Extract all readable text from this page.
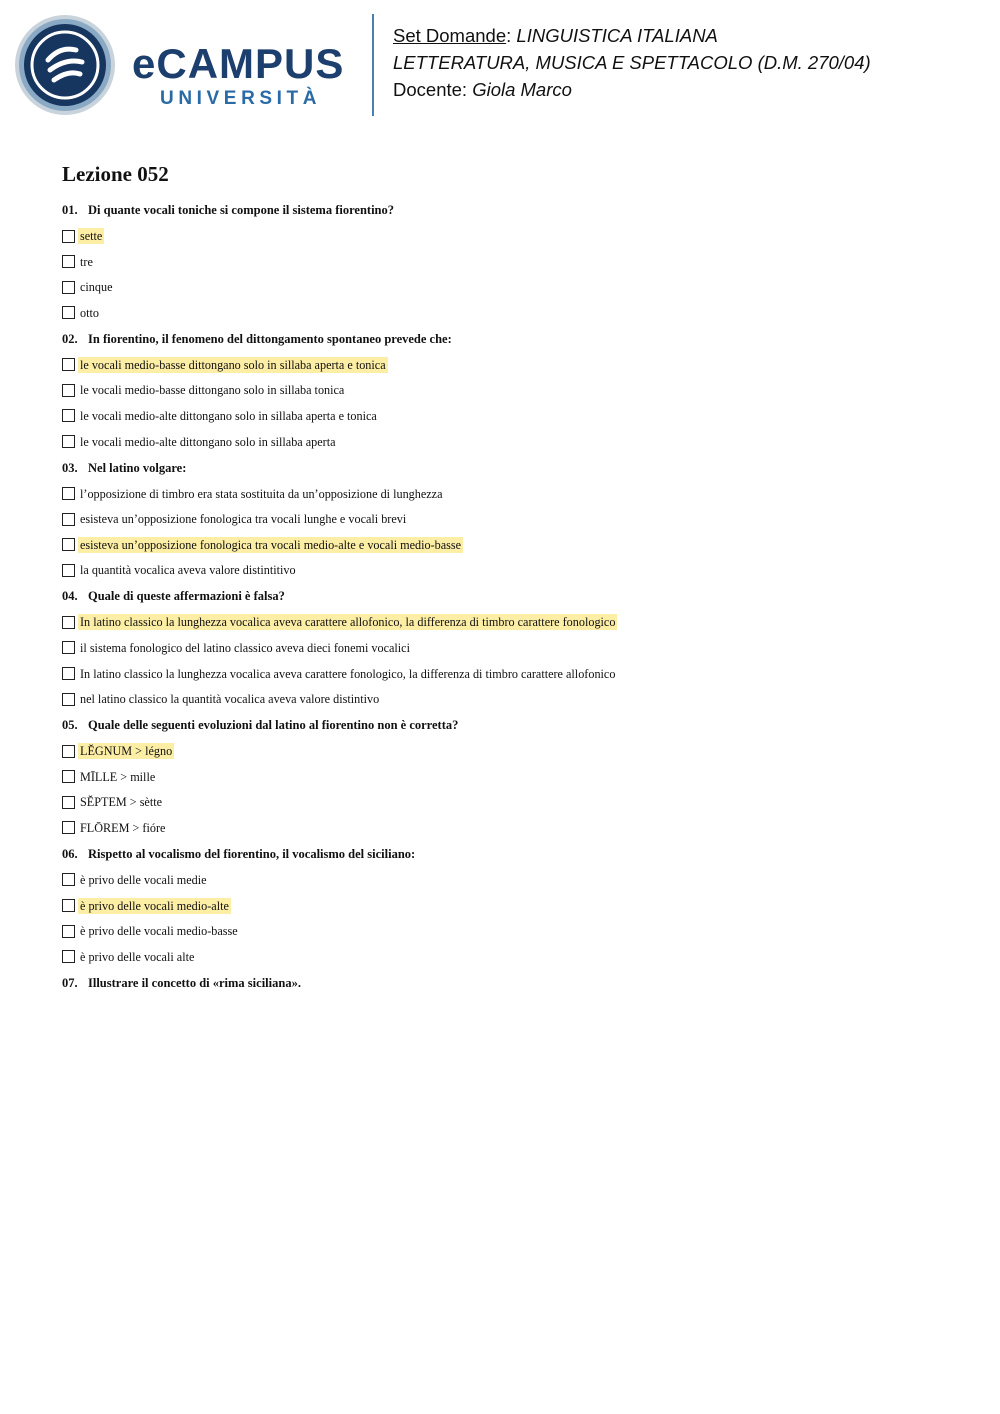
eCAMPUS
UNIVERSITÀ
Set Domande: LINGUISTICA ITALIANA
LETTERATURA, MUSICA E SPETTACOLO (D.M. 270/04)
Docente: Giola Marco
Lezione 052
01. Di quante vocali toniche si compone il sistema fiorentino?
sette
tre
cinque
otto
02. In fiorentino, il fenomeno del dittongamento spontaneo prevede che:
le vocali medio-basse dittongano solo in sillaba aperta e tonica
le vocali medio-basse dittongano solo in sillaba tonica
le vocali medio-alte dittongano solo in sillaba aperta e tonica
le vocali medio-alte dittongano solo in sillaba aperta
03. Nel latino volgare:
l’opposizione di timbro era stata sostituita da un’opposizione di lunghezza
esisteva un’opposizione fonologica tra vocali lunghe e vocali brevi
esisteva un’opposizione fonologica tra vocali medio-alte e vocali medio-basse
la quantità vocalica aveva valore distintitivo
04. Quale di queste affermazioni è falsa?
In latino classico la lunghezza vocalica aveva carattere allofonico, la differenza di timbro carattere fonologico
il sistema fonologico del latino classico aveva dieci fonemi vocalici
In latino classico la lunghezza vocalica aveva carattere fonologico, la differenza di timbro carattere allofonico
nel latino classico la quantità vocalica aveva valore distintivo
05. Quale delle seguenti evoluzioni dal latino al fiorentino non è corretta?
LĔGNUM > légno
MĪLLE > mille
SĔPTEM > sètte
FLŌREM > fióre
06. Rispetto al vocalismo del fiorentino, il vocalismo del siciliano:
è privo delle vocali medie
è privo delle vocali medio-alte
è privo delle vocali medio-basse
è privo delle vocali alte
07. Illustrare il concetto di «rima siciliana».
